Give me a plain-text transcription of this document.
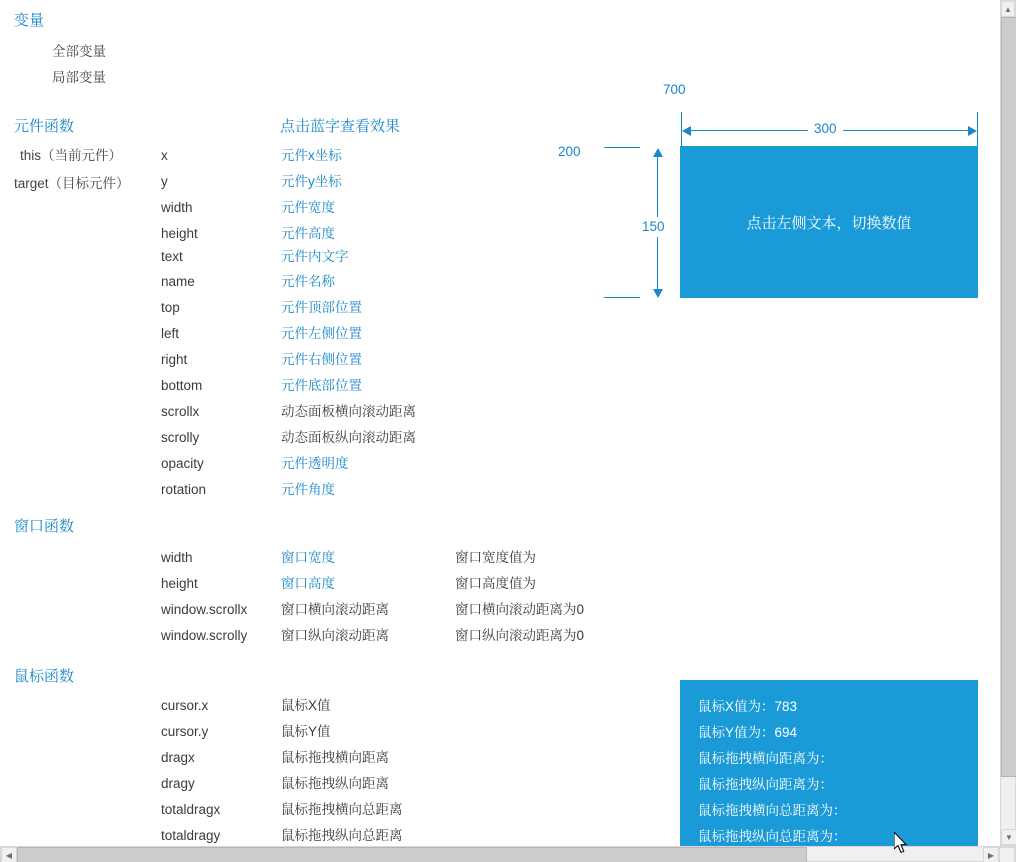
变量
全部变量
局部变量
元件函数
this（当前元件）
target（目标元件）
点击蓝字查看效果
x
y
width
height
text
name
top
left
right
bottom
scrollx
scrolly
opacity
rotation
元件x坐标
元件y坐标
元件宽度
元件高度
元件内文字
元件名称
元件顶部位置
元件左侧位置
元件右侧位置
元件底部位置
动态面板横向滚动距离
动态面板纵向滚动距离
元件透明度
元件角度
窗口函数
width
height
window.scrollx
window.scrolly
窗口宽度
窗口高度
窗口横向滚动距离
窗口纵向滚动距离
窗口宽度值为
窗口高度值为
窗口横向滚动距离为0
窗口纵向滚动距离为0
鼠标函数
cursor.x
cursor.y
dragx
dragy
totaldragx
totaldragy
鼠标X值
鼠标Y值
鼠标拖拽横向距离
鼠标拖拽纵向距离
鼠标拖拽横向总距离
鼠标拖拽纵向总距离
700
200
300
150	点击左侧文本，切换数值
鼠标X值为：783
鼠标Y值为：694
鼠标拖拽横向距离为：
鼠标拖拽纵向距离为：
鼠标拖拽横向总距离为：
鼠标拖拽纵向总距离为：
▲
▼
◀	▶
